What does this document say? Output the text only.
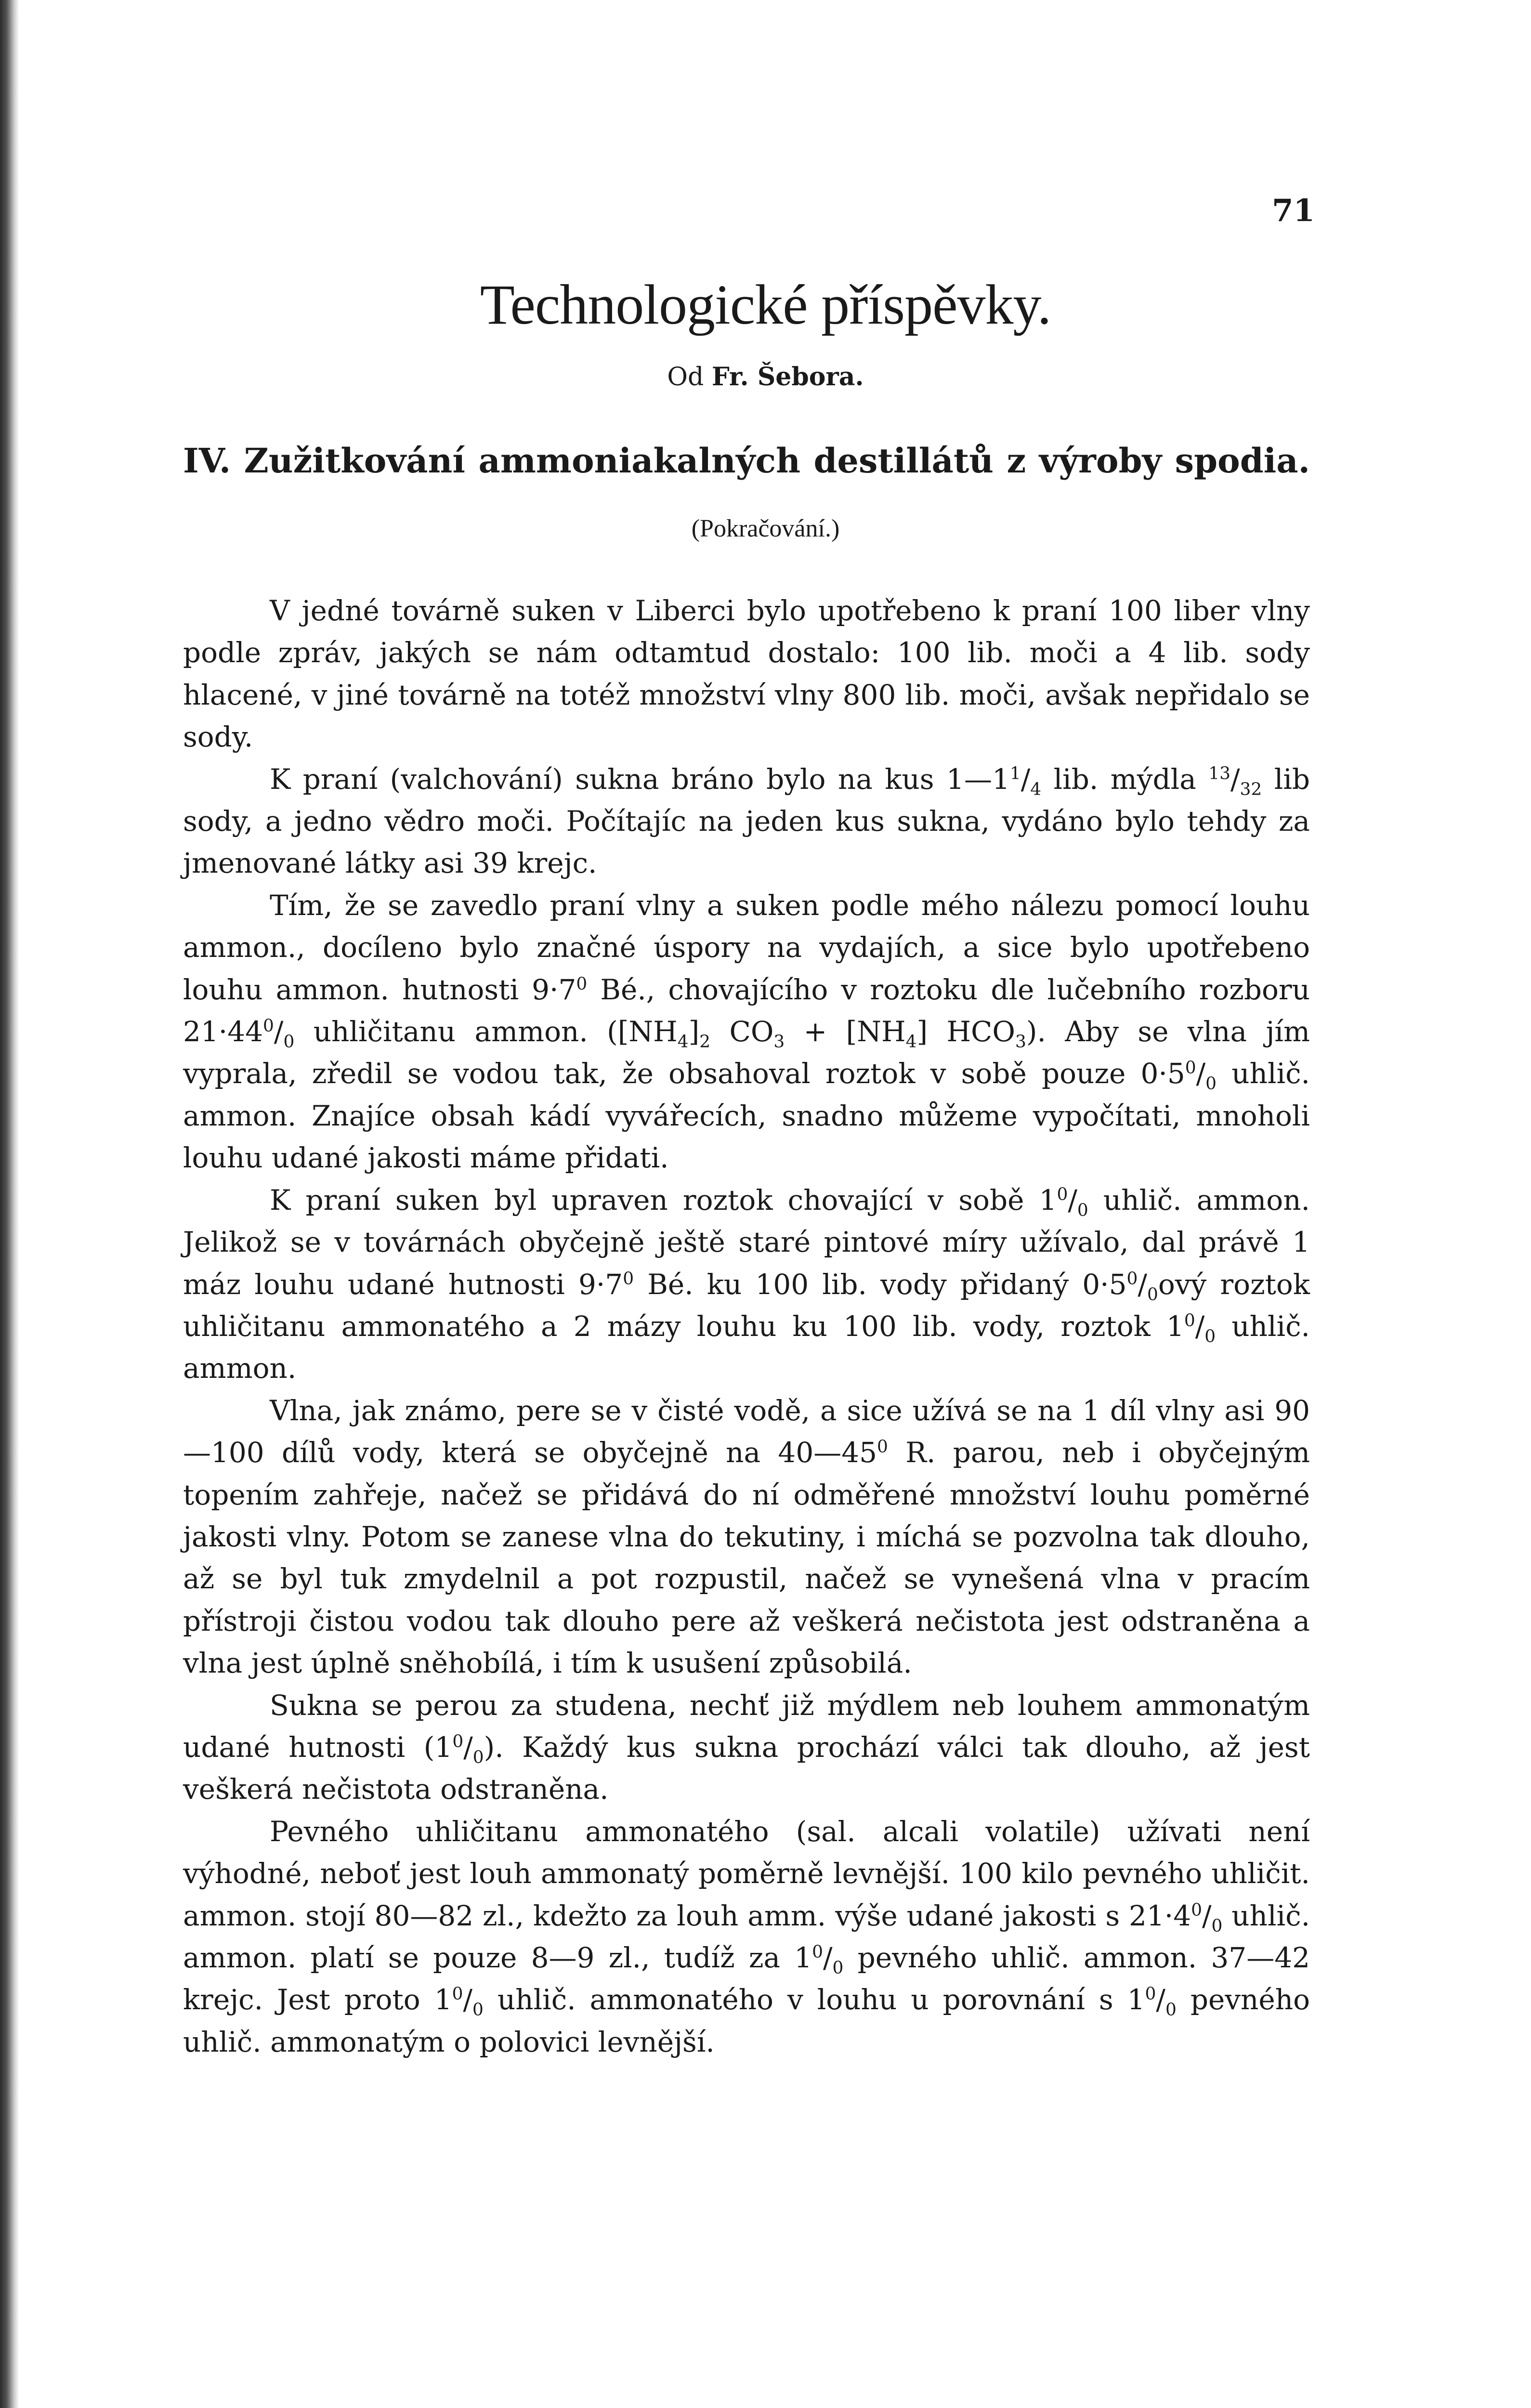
71
Technologické příspěvky.
Od Fr. Šebora.
IV. Zužitkování ammoniakalných destillátů z výroby spodia.
(Pokračování.)

V jedné továrně suken v Liberci bylo upotřebeno k praní 100 liber vlny podle zpráv, jakých se nám odtamtud dostalo: 100 lib. moči a 4 lib. sody hlacené, v jiné továrně na totéž množství vlny 800 lib. moči, avšak nepřidalo se sody.

K praní (valchování) sukna bráno bylo na kus $1—1^1/_4$ lib. mýdla $^{13}/_{32}$ lib sody, a jedno vědro moči. Počítajíc na jeden kus sukna, vydáno bylo tehdy za jmenované látky asi 39 krejc.

Tím, že se zavedlo praní vlny a suken podle mého nálezu pomocí louhu ammon., docíleno bylo značné úspory na vydajích, a sice bylo upotřebeno louhu ammon. hutnosti $9\cdot 7^0$ Bé., chovajícího v roztoku dle lučebního rozboru $21\cdot 44^0/_0$ uhličitanu ammon. ($[NH_4]_2$ $CO_3 + [NH_4]$ $HCO_3$). Aby se vlna jím vyprala, zředil se vodou tak, že obsahoval roztok v sobě pouze $0\cdot 5^0/_0$ uhlič. ammon. Znajíce obsah kádí vyvářecích, snadno můžeme vypočítati, mnoholi louhu udané jakosti máme přidati.

K praní suken byl upraven roztok chovající v sobě $1^0/_0$ uhlič. ammon. Jelikož se v továrnách obyčejně ještě staré pintové míry užívalo, dal právě 1 máz louhu udané hutnosti $9\cdot 7^0$ Bé. ku 100 lib. vody přidaný $0\cdot 5^0/_0ový$ roztok uhličitanu ammonatého a 2 mázy louhu ku 100 lib. vody, roztok $1^0/_0$ uhlič. ammon.

Vlna, jak známo, pere se v čisté vodě, a sice užívá se na 1 díl vlny asi 90—100 dílů vody, která se obyčejně na $40—45^0$ R. parou, neb i obyčejným topením zahřeje, načež se přidává do ní odměřené množství louhu poměrné jakosti vlny. Potom se zanese vlna do tekutiny, i míchá se pozvolna tak dlouho, až se byl tuk zmydelnil a pot rozpustil, načež se vynešená vlna v pracím přístroji čistou vodou tak dlouho pere až veškerá nečistota jest odstraněna a vlna jest úplně sněhobílá, i tím k usušení způsobilá.

Sukna se perou za studena, nechť již mýdlem neb louhem ammonatým udané hutnosti $(1^0/_0)$. Každý kus sukna prochází válci tak dlouho, až jest veškerá nečistota odstraněna.

Pevného uhličitanu ammonatého (sal. alcali volatile) užívati není výhodné, neboť jest louh ammonatý poměrně levnější. 100 kilo pevného uhličit. ammon. stojí 80—82 zl., kdežto za louh amm. výše udané jakosti s $21\cdot 4^0/_0$ uhlič. ammon. platí se pouze 8—9 zl., tudíž za $1^0/_0$ pevného uhlič. ammon. 37—42 krejc. Jest proto $1^0/_0$ uhlič. ammonatého v louhu u porovnání s $1^0/_0$ pevného uhlič. ammonatým o polovici levnější.
